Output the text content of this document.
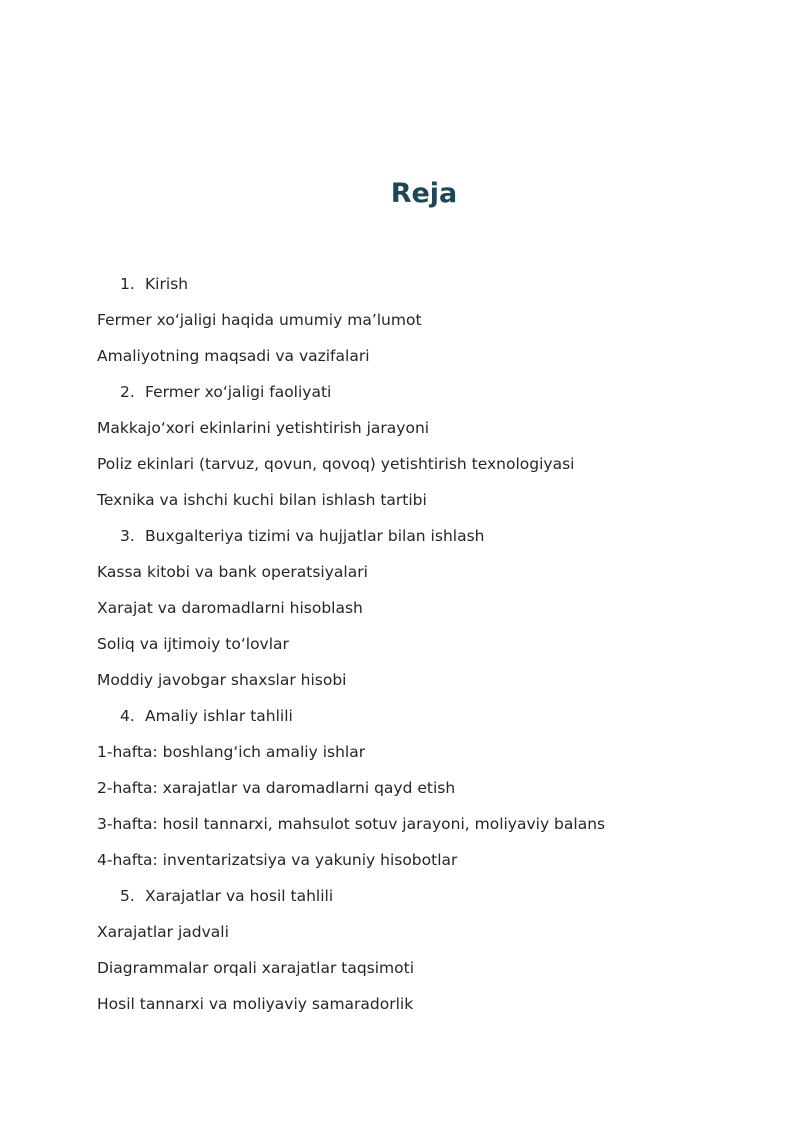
Reja
1. Kirish
Fermer xo‘jaligi haqida umumiy ma’lumot
Amaliyotning maqsadi va vazifalari
2. Fermer xo‘jaligi faoliyati
Makkajo‘xori ekinlarini yetishtirish jarayoni
Poliz ekinlari (tarvuz, qovun, qovoq) yetishtirish texnologiyasi
Texnika va ishchi kuchi bilan ishlash tartibi
3. Buxgalteriya tizimi va hujjatlar bilan ishlash
Kassa kitobi va bank operatsiyalari
Xarajat va daromadlarni hisoblash
Soliq va ijtimoiy to‘lovlar
Moddiy javobgar shaxslar hisobi
4. Amaliy ishlar tahlili
1-hafta: boshlang‘ich amaliy ishlar
2-hafta: xarajatlar va daromadlarni qayd etish
3-hafta: hosil tannarxi, mahsulot sotuv jarayoni, moliyaviy balans
4-hafta: inventarizatsiya va yakuniy hisobotlar
5. Xarajatlar va hosil tahlili
Xarajatlar jadvali
Diagrammalar orqali xarajatlar taqsimoti
Hosil tannarxi va moliyaviy samaradorlik
